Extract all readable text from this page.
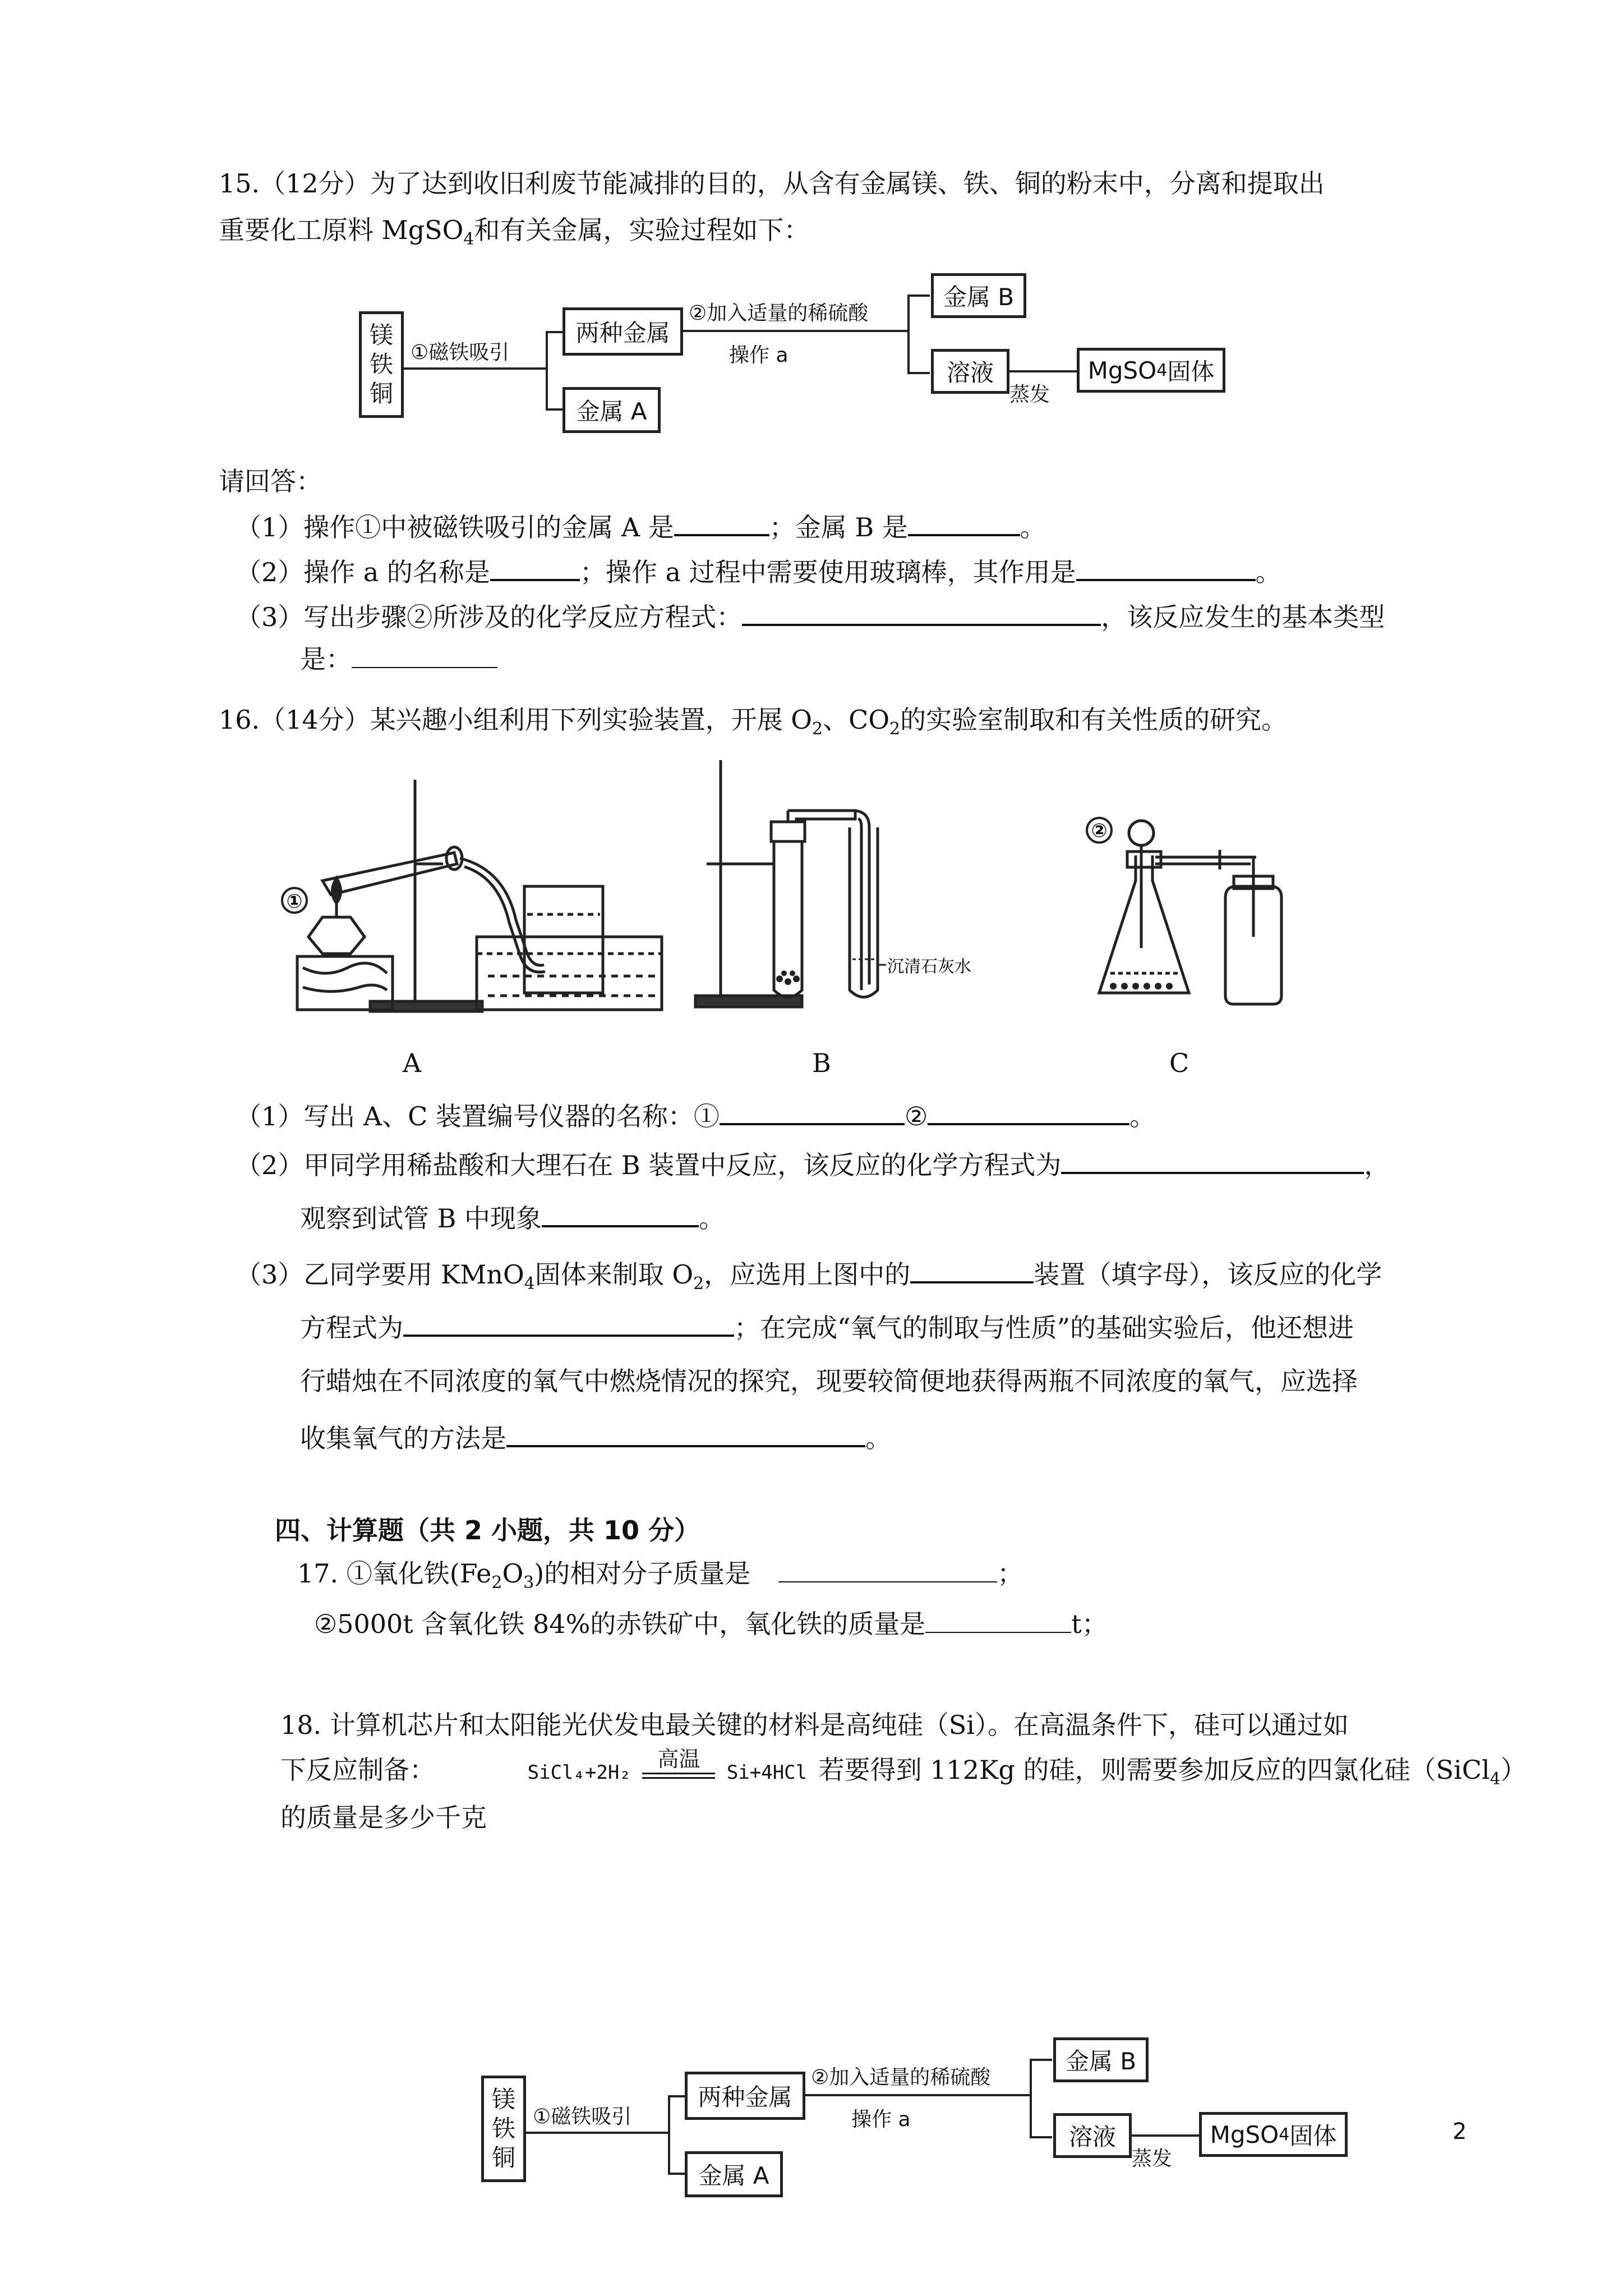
15.（12分）为了达到收旧利废节能减排的目的，从含有金属镁、铁、铜的粉末中，分离和提取出
重要化工原料 MgSO$_4$和有关金属，实验过程如下：
镁
铁
铜
①磁铁吸引
两种金属
金属 A
②加入适量的稀硫酸
操作 a
金属 B
溶液
蒸发
MgSO 4 固体
请回答：
（1）操作①中被磁铁吸引的金属 A 是	；金属 B 是	。
（2）操作 a 的名称是	；操作 a 过程中需要使用玻璃棒，其作用是	。
（3）写出步骤②所涉及的化学反应方程式：	，该反应发生的基本类型
是：
16.（14分）某兴趣小组利用下列实验装置，开展 $O_2$、$CO_2$的实验室制取和有关性质的研究。
①
沉清石灰水
②
A	B	C
（1）写出 A、C 装置编号仪器的名称：①	②	。
（2）甲同学用稀盐酸和大理石在 B 装置中反应，该反应的化学方程式为	，
观察到试管 B 中现象	。
（3）乙同学要用 KMnO$_4$固体来制取 $O_2$，应选用上图中的	装置（填字母），该反应的化学
方程式为	；在完成“氧气的制取与性质”的基础实验后，他还想进
行蜡烛在不同浓度的氧气中燃烧情况的探究，现要较简便地获得两瓶不同浓度的氧气，应选择
收集氧气的方法是	。
四、计算题（共 2 小题，共 10 分）
17. ①氧化铁$(Fe_2O_3)$的相对分子质量是	；
②5000t 含氧化铁 84%的赤铁矿中，氧化铁的质量是	t；
18. 计算机芯片和太阳能光伏发电最关键的材料是高纯硅（Si）。在高温条件下，硅可以通过如
下反应制备：	SiCl₄+2H₂
高温
Si+4HCl 若要得到 112Kg 的硅，则需要参加反应的四氯化硅（SiCl$_4$）
的质量是多少千克
镁
铁
铜
①磁铁吸引
两种金属
金属 A
②加入适量的稀硫酸
操作 a
金属 B
溶液
蒸发
MgSO 4 固体	2
